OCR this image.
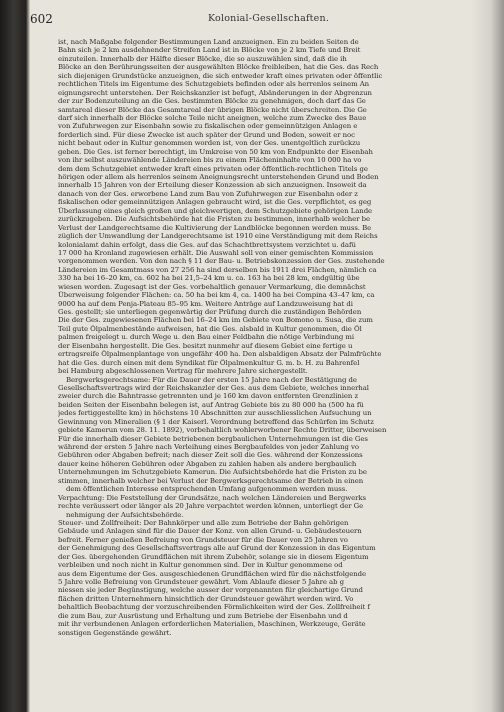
602	Kolonial-Gesellschaften.
ist, nach Maßgabe folgender Bestimmungen Land anzueignen. Ein zu beiden Seiten de
Bahn sich je 2 km ausdehnender Streifen Land ist in Blöcke von je 2 km Tiefe und Breit
einzuteilen. Innerhalb der Hälfte dieser Blöcke, die so auszuwählen sind, daß die ih
Blöcke an den Berührungsseiten der ausgewählten Blöcke freibleiben, hat die Ges. das Rech
sich diejenigen Grundstücke anzueignen, die sich entweder kraft eines privaten oder öffentlic
rechtlichen Titels im Eigentume des Schutzgebiets befinden oder als herrenlos seinem An
eignungsrecht unterstehen. Der Reichskanzler ist befugt, Abänderungen in der Abgrenzun
der zur Bodenzuteilung an die Ges. bestimmten Blöcke zu genehmigen, doch darf das Ge
samtareal dieser Blöcke das Gesamtareal der übrigen Blöcke nicht überschreiten. Die Ge
darf sich innerhalb der Blöcke solche Teile nicht aneignen, welche zum Zwecke des Baue
von Zufuhrwegen zur Eisenbahn sowie zu fiskalischen oder gemeinnützigen Anlagen e
forderlich sind. Für diese Zwecke ist auch später der Grund und Boden, soweit er noc
nicht bebaut oder in Kultur genommen worden ist, von der Ges. unentgeltlich zurückzu
geben. Die Ges. ist ferner berechtigt, im Umkreise von 50 km von Endpunkte der Eisenbah
von ihr selbst auszuwählende Ländereien bis zu einem Flächeninhalte von 10 000 ha vo
dem dem Schutzgebiet entweder kraft eines privaten oder öffentlich-rechtlichen Titels ge
hörigen oder allem als herrenlos seinem Aneignungsrecht unterstehenden Grund und Boden
innerhalb 15 Jahren von der Erteilung dieser Konzession ab sich anzueignen. Insoweit da
danach von der Ges. erworbene Land zum Bau von Zufuhrwegen zur Eisenbahn oder z
fiskalischen oder gemeinnützigen Anlagen gebraucht wird, ist die Ges. verpflichtet, es geg
Überlassung eines gleich großen und gleichwertigen, dem Schutzgebiete gehörigen Lande
zurückzugeben. Die Aufsichtsbehörde hat die Fristen zu bestimmen, innerhalb welcher be
Verlust der Landgerechtsame die Kultivierung der Landblöcke begonnen werden muss. Be
züglich der Umwandlung der Landgerechtsame ist 1910 eine Verständigung mit dem Reichs
kolonialamt dahin erfolgt, dass die Ges. auf das Schachtbrettsystem verzichtet u. dafü
17 000 ha Kronland zugewiesen erhält. Die Auswahl soll von einer gemischten Kommission
vorgenommen werden. Von den nach § 11 der Bau- u. Betriebskonzession der Ges. zustehende
Ländereien im Gesamtmass von 27 256 ha sind derselben bis 1911 drei Flächen, nämlich ca
330 ha bei 16–20 km, ca. 602 ha bei 21,5–24 km u. ca. 163 ha bei 28 km, endgültig übe
wiesen worden. Zugesagt ist der Ges. vorbehaltlich genauer Vermarkung, die demnächst
Überweisung folgender Flächen: ca. 50 ha bei km 4, ca. 1400 ha bei Compina 43–47 km, ca
9000 ha auf dem Penja-Plateau 85–95 km. Weitere Anträge auf Landzuweisung hat di
Ges. gestellt; sie unterliegen gegenwärtig der Prüfung durch die zuständigen Behörden
Die der Ges. zugewiesenen Flächen bei 16–24 km im Gebiete von Bomono u. Susa, die zum
Teil gute Ölpalmenbestände aufweisen, hat die Ges. alsbald in Kultur genommen, die Öl
palmen freigelegt u. durch Wege u. den Bau einer Feldbahn die nötige Verbindung mi
der Eisenbahn hergestellt. Die Ges. besitzt nunmehr auf diesem Gebiet eine fertige u
ertragsreife Ölpalmenplantage von ungefähr 400 ha. Den alsbaldigen Absatz der Palmfrüchte
hat die Ges. durch einen mit dem Syndikat für Ölpalmenkultur G. m. b. H. zu Bahrenfel
bei Hamburg abgeschlossenen Vertrag für mehrere Jahre sichergestellt.
Bergwerksgerechtsame: Für die Dauer der ersten 15 Jahre nach der Bestätigung de
Gesellschaftsvertrags wird der Reichskanzler der Ges. aus dem Gebiete, welches innerhal
zweier durch die Bahntrasse getrennten und je 160 km davon entfernten Grenzlinien z
beiden Seiten der Eisenbahn belegen ist, auf Antrag Gebiete bis zu 80 000 ha (500 ha fü
jedes fertiggestellte km) in höchstens 10 Abschnitten zur ausschliesslichen Aufsuchung un
Gewinnung von Mineralien (§ 1 der Kaiserl. Verordnung betreffend das Schürfen im Schutz
gebiete Kamerun vom 28. 11. 1892), vorbehaltlich wohlerworbener Rechte Dritter, überweisen
Für die innerhalb dieser Gebiete betriebenen bergbaulichen Unternehmungen ist die Ges
während der ersten 5 Jahre nach Verleihung eines Bergbaufeldes von jeder Zahlung vo
Gebühren oder Abgaben befreit; nach dieser Zeit soll die Ges. während der Konzessions
dauer keine höheren Gebühren oder Abgaben zu zahlen haben als andere bergbaulich
Unternehmungen im Schutzgebiete Kamerun. Die Aufsichtsbehörde hat die Fristen zu be
stimmen, innerhalb welcher bei Verlust der Bergwerksgerechtsame der Betrieb in einen
dem öffentlichen Interesse entsprechenden Umfang aufgenommen werden muss.
Verpachtung: Die Feststellung der Grundsätze, nach welchen Ländereien und Bergwerks
rechte veräussert oder länger als 20 Jahre verpachtet werden können, unterliegt der Ge
nehmigung der Aufsichtsbehörde.
Steuer- und Zollfreiheit: Der Bahnkörper und alle zum Betriebe der Bahn gehörigen
Gebäude und Anlagen sind für die Dauer der Konz. von allen Grund- u. Gebäudesteuern
befreit. Ferner genießen Befreiung von Grundsteuer für die Dauer von 25 Jahren vo
der Genehmigung des Gesellschaftsvertrags alle auf Grund der Konzession in das Eigentum
der Ges. übergehenden Grundflächen mit ihrem Zubehör, solange sie in diesem Eigentum
verbleiben und noch nicht in Kultur genommen sind. Der in Kultur genommene od
aus dem Eigentume der Ges. ausgeschiedenen Grundflächen wird für die nächstfolgende
5 Jahre volle Befreiung von Grundsteuer gewährt. Vom Ablaufe dieser 5 Jahre ab g
niessen sie jeder Begünstigung, welche ausser der vorgenannten für gleichartige Grund
flächen dritten Unternehmern hinsichtlich der Grundsteuer gewährt werden wird. Vo
behaltlich Beobachtung der vorzuschreibenden Förmlichkeiten wird der Ges. Zollfreiheit f
die zum Bau, zur Ausrüstung und Erhaltung und zum Betriebe der Eisenbahn und d
mit ihr verbundenen Anlagen erforderlichen Materialien, Maschinen, Werkzeuge, Geräte
sonstigen Gegenstände gewährt.
